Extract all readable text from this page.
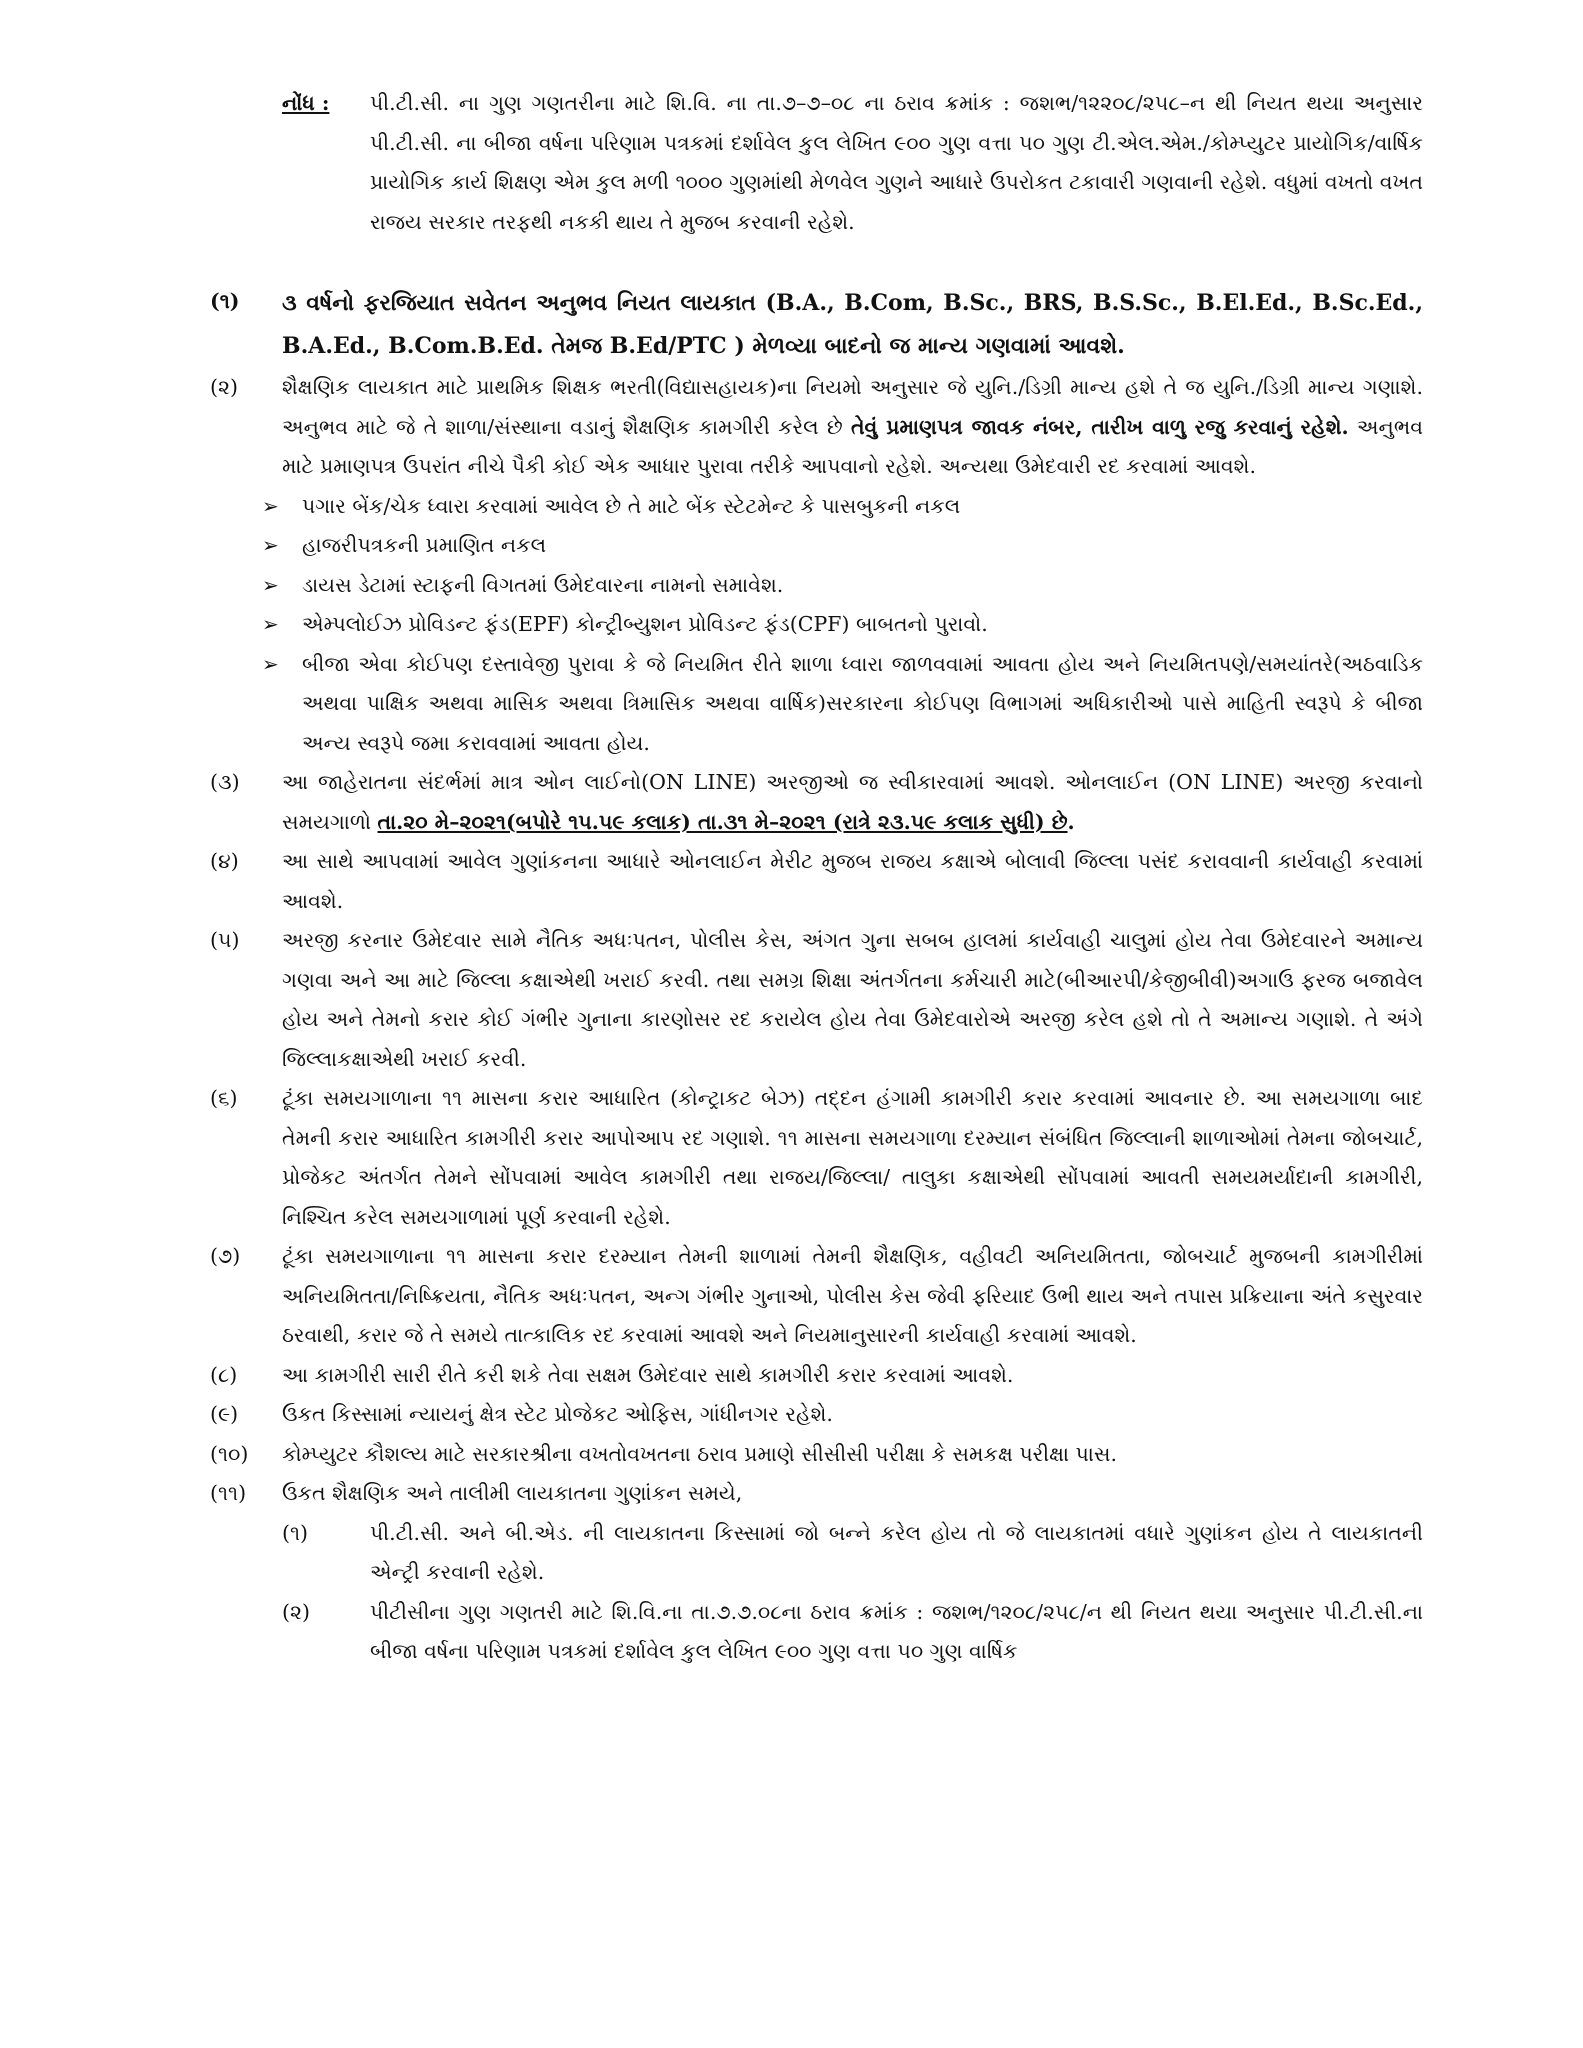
નોંધ :	પી.ટી.સી. ના ગુણ ગણતરીના માટે શિ.વિ. ના તા.૭–૭–૦૮ ના ઠરાવ ક્રમાંક : જશભ/૧૨૨૦૮/૨૫૮–ન થી નિયત થયા અનુસાર પી.ટી.સી. ના બીજા વર્ષના પરિણામ પત્રકમાં દર્શાવેલ કુલ લેખિત ૯૦૦ ગુણ વત્તા ૫૦ ગુણ ટી.એલ.એમ./કોમ્પ્યુટર પ્રાયોગિક/વાર્ષિક પ્રાયોગિક કાર્ય શિક્ષણ એમ કુલ મળી ૧૦૦૦ ગુણમાંથી મેળવેલ ગુણને આધારે ઉપરોકત ટકાવારી ગણવાની રહેશે. વધુમાં વખતો વખત રાજય સરકાર તરફથી નકકી થાય તે મુજબ કરવાની રહેશે.
(૧)	૩ વર્ષનો ફરજિયાત સવેતન અનુભવ નિયત લાયકાત (B.A., B.Com, B.Sc., BRS, B.S.Sc., B.El.Ed., B.Sc.Ed., B.A.Ed., B.Com.B.Ed. તેમજ B.Ed/PTC ) મેળવ્યા બાદનો જ માન્ય ગણવામાં આવશે.
(૨)	શૈક્ષણિક લાયકાત માટે પ્રાથમિક શિક્ષક ભરતી(વિદ્યાસહાયક)ના નિયમો અનુસાર જે યુનિ./ડિગ્રી માન્ય હશે તે જ યુનિ./ડિગ્રી માન્ય ગણાશે. અનુભવ માટે જે તે શાળા/સંસ્થાના વડાનું શૈક્ષણિક કામગીરી કરેલ છે તેવું પ્રમાણપત્ર જાવક નંબર, તારીખ વાળુ રજુ કરવાનું રહેશે. અનુભવ માટે પ્રમાણપત્ર ઉપરાંત નીચે પૈકી કોઈ એક આધાર પુરાવા તરીકે આપવાનો રહેશે. અન્યથા ઉમેદવારી રદ કરવામાં આવશે.
➢	પગાર બેંક/ચેક ધ્વારા કરવામાં આવેલ છે તે માટે બેંક સ્ટેટમેન્ટ કે પાસબુકની નકલ
➢	હાજરીપત્રકની પ્રમાણિત નકલ
➢	ડાયસ ડેટામાં સ્ટાફની વિગતમાં ઉમેદવારના નામનો સમાવેશ.
➢	એમ્પલોઈઝ પ્રોવિડન્ટ ફંડ(EPF) કોન્ટ્રીબ્યુશન પ્રોવિડન્ટ ફંડ(CPF) બાબતનો પુરાવો.
➢	બીજા એવા કોઈપણ દસ્તાવેજી પુરાવા કે જે નિયમિત રીતે શાળા ધ્વારા જાળવવામાં આવતા હોય અને નિયમિતપણે/સમયાંતરે(અઠવાડિક અથવા પાક્ષિક અથવા માસિક અથવા ત્રિમાસિક અથવા વાર્ષિક)સરકારના કોઈપણ વિભાગમાં અધિકારીઓ પાસે માહિતી સ્વરૂપે કે બીજા અન્ય સ્વરૂપે જમા કરાવવામાં આવતા હોય.
(૩)	આ જાહેરાતના સંદર્ભમાં માત્ર ઓન લાઈનો(ON LINE) અરજીઓ જ સ્વીકારવામાં આવશે. ઓનલાઈન (ON LINE) અરજી કરવાનો સમયગાળો તા.૨૦ મે–૨૦૨૧(બપોરે ૧૫.૫૯ કલાક) તા.૩૧ મે–૨૦૨૧ (રાત્રે ૨૩.૫૯ કલાક સુધી) છે.
(૪)	આ સાથે આપવામાં આવેલ ગુણાંકનના આધારે ઓનલાઈન મેરીટ મુજબ રાજય કક્ષાએ બોલાવી જિલ્લા પસંદ કરાવવાની કાર્યવાહી કરવામાં આવશે.
(૫)	અરજી કરનાર ઉમેદવાર સામે નૈતિક અધઃપતન, પોલીસ કેસ, અંગત ગુના સબબ હાલમાં કાર્યવાહી ચાલુમાં હોય તેવા ઉમેદવારને અમાન્ય ગણવા અને આ માટે જિલ્લા કક્ષાએથી ખરાઈ કરવી. તથા સમગ્ર શિક્ષા અંતર્ગતના કર્મચારી માટે(બીઆરપી/કેજીબીવી)અગાઉ ફરજ બજાવેલ હોય અને તેમનો કરાર કોઈ ગંભીર ગુનાના કારણોસર રદ કરાયેલ હોય તેવા ઉમેદવારોએ અરજી કરેલ હશે તો તે અમાન્ય ગણાશે. તે અંગે જિલ્લાકક્ષાએથી ખરાઈ કરવી.
(૬)	ટૂંકા સમયગાળાના ૧૧ માસના કરાર આધારિત (કોન્ટ્રાકટ બેઝ) તદ્દન હંગામી કામગીરી કરાર કરવામાં આવનાર છે. આ સમયગાળા બાદ તેમની કરાર આધારિત કામગીરી કરાર આપોઆપ રદ ગણાશે. ૧૧ માસના સમયગાળા દરમ્યાન સંબંધિત જિલ્લાની શાળાઓમાં તેમના જોબચાર્ટ, પ્રોજેકટ અંતર્ગત તેમને સોંપવામાં આવેલ કામગીરી તથા રાજય/જિલ્લા/ તાલુકા કક્ષાએથી સોંપવામાં આવતી સમયમર્યાદાની કામગીરી, નિશ્ચિત કરેલ સમયગાળામાં પૂર્ણ કરવાની રહેશે.
(૭)	ટૂંકા સમયગાળાના ૧૧ માસના કરાર દરમ્યાન તેમની શાળામાં તેમની શૈક્ષણિક, વહીવટી અનિયમિતતા, જોબચાર્ટ મુજબની કામગીરીમાં અનિયમિતતા/નિષ્ક્રિયતા, નૈતિક અધઃપતન, અન્ગ ગંભીર ગુનાઓ, પોલીસ કેસ જેવી ફરિયાદ ઉભી થાય અને તપાસ પ્રક્રિયાના અંતે કસુરવાર ઠરવાથી, કરાર જે તે સમયે તાત્કાલિક રદ કરવામાં આવશે અને નિયમાનુસારની કાર્યવાહી કરવામાં આવશે.
(૮)	આ કામગીરી સારી રીતે કરી શકે તેવા સક્ષમ ઉમેદવાર સાથે કામગીરી કરાર કરવામાં આવશે.
(૯)	ઉકત કિસ્સામાં ન્યાયનું ક્ષેત્ર સ્ટેટ પ્રોજેકટ ઓફિસ, ગાંધીનગર રહેશે.
(૧૦)	કોમ્પ્યુટર કૌશલ્ય માટે સરકારશ્રીના વખતોવખતના ઠરાવ પ્રમાણે સીસીસી પરીક્ષા કે સમકક્ષ પરીક્ષા પાસ.
(૧૧)	ઉકત શૈક્ષણિક અને તાલીમી લાયકાતના ગુણાંકન સમયે,
(૧)	પી.ટી.સી. અને બી.એડ. ની લાયકાતના કિસ્સામાં જો બન્ને કરેલ હોય તો જે લાયકાતમાં વધારે ગુણાંકન હોય તે લાયકાતની એન્ટ્રી કરવાની રહેશે.
(૨)	પીટીસીના ગુણ ગણતરી માટે શિ.વિ.ના તા.૭.૭.૦૮ના ઠરાવ ક્રમાંક : જશભ/૧૨૦૮/૨૫૮/ન થી નિયત થયા અનુસાર પી.ટી.સી.ના બીજા વર્ષના પરિણામ પત્રકમાં દર્શાવેલ કુલ લેખિત ૯૦૦ ગુણ વત્તા ૫૦ ગુણ વાર્ષિક
